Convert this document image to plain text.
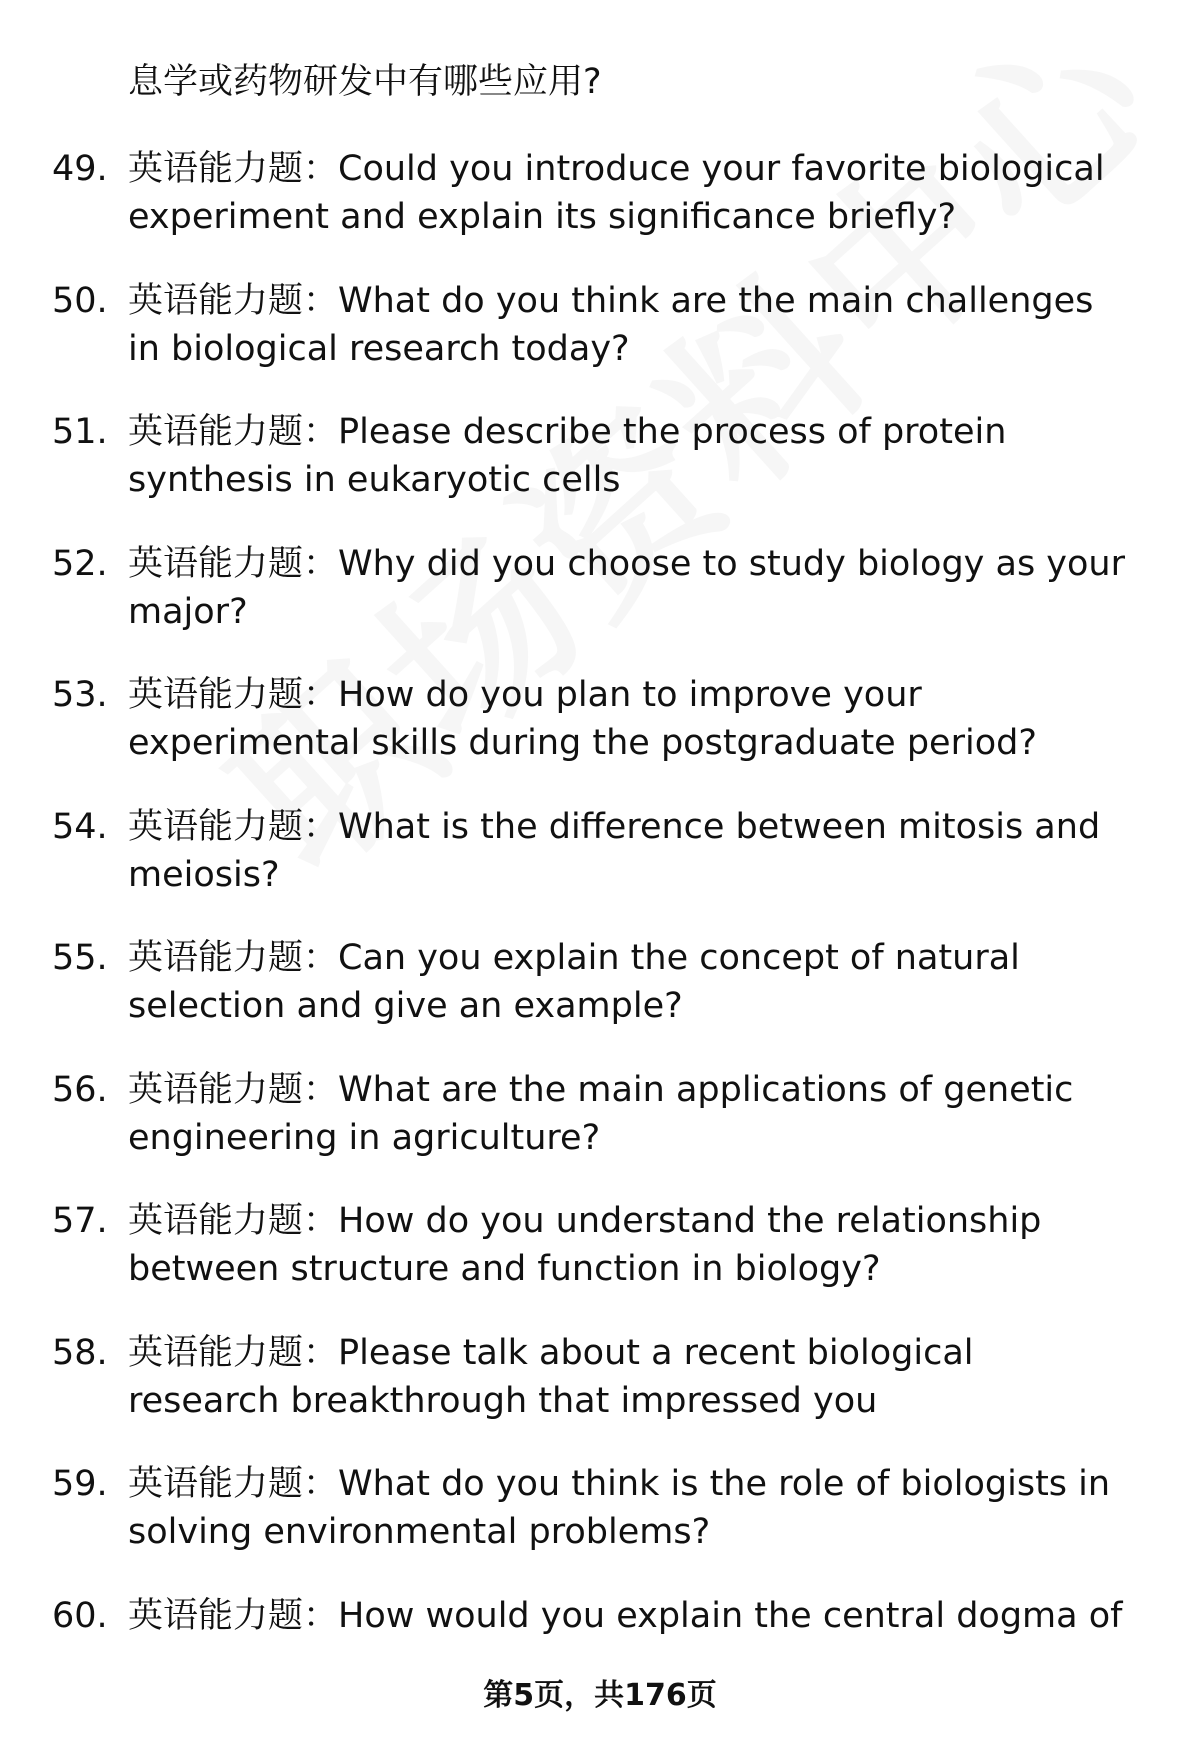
息学或药物研发中有哪些应用?
49. 英语能力题：Could you introduce your favorite biological experiment and explain its significance briefly?
50. 英语能力题：What do you think are the main challenges in biological research today?
51. 英语能力题：Please describe the process of protein synthesis in eukaryotic cells
52. 英语能力题：Why did you choose to study biology as your major?
53. 英语能力题：How do you plan to improve your experimental skills during the postgraduate period?
54. 英语能力题：What is the difference between mitosis and meiosis?
55. 英语能力题：Can you explain the concept of natural selection and give an example?
56. 英语能力题：What are the main applications of genetic engineering in agriculture?
57. 英语能力题：How do you understand the relationship between structure and function in biology?
58. 英语能力题：Please talk about a recent biological research breakthrough that impressed you
59. 英语能力题：What do you think is the role of biologists in solving environmental problems?
60. 英语能力题：How would you explain the central dogma of
第5页，共176页
